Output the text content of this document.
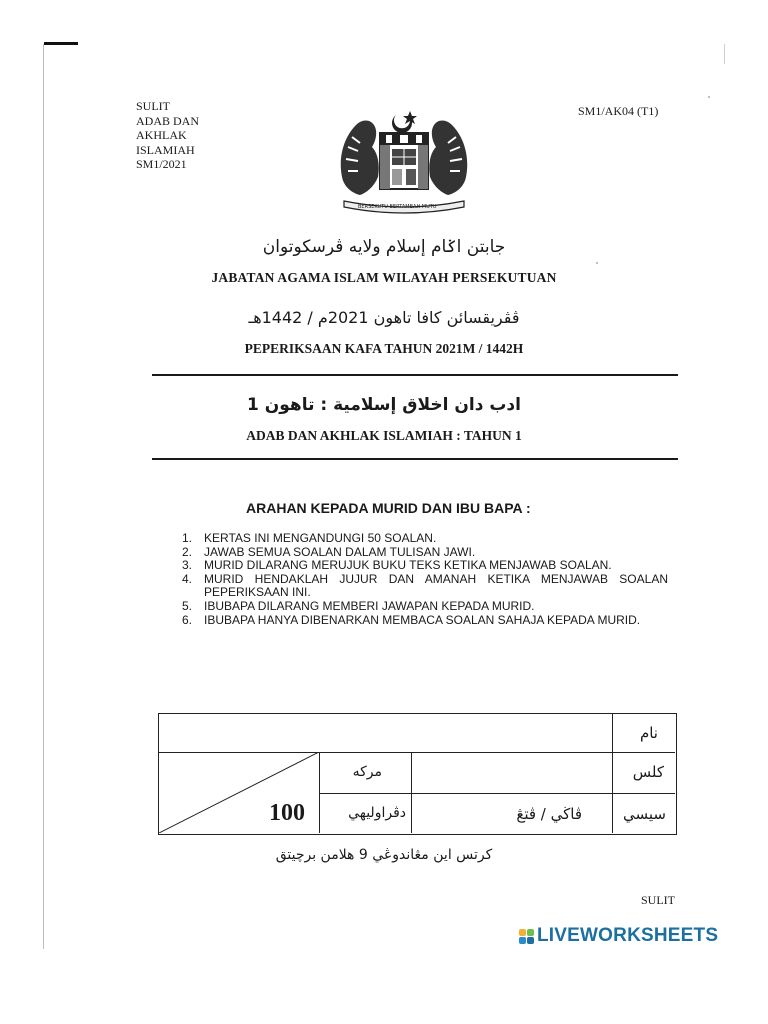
SULIT
ADAB DAN
AKHLAK
ISLAMIAH
SM1/2021
SM1/AK04 (T1)
BERSEKUTU BERTAMBAH MUTU
جابتن اݢام إسلام ولايه ڤرسکوتوان
JABATAN AGAMA ISLAM WILAYAH PERSEKUTUAN
ڤڤريقسائن كافا تاهون 2021م / 1442هـ
PEPERIKSAAN KAFA TAHUN 2021M / 1442H
ادب دان اخلاق إسلامية : تاهون 1
ADAB DAN AKHLAK ISLAMIAH : TAHUN 1
ARAHAN KEPADA MURID DAN IBU BAPA :
1. KERTAS INI MENGANDUNGI 50 SOALAN.
2. JAWAB SEMUA SOALAN DALAM TULISAN JAWI.
3. MURID DILARANG MERUJUK BUKU TEKS KETIKA MENJAWAB SOALAN.
4. MURID HENDAKLAH JUJUR DAN AMANAH KETIKA MENJAWAB SOALAN PEPERIKSAAN INI.
5. IBUBAPA DILARANG MEMBERI JAWAPAN KEPADA MURID.
6. IBUBAPA HANYA DIBENARKAN MEMBACA SOALAN SAHAJA KEPADA MURID.
نام
كلس
سيسي
ڤاڬي / ڤتڠ
مركه
دڤراوليهي
100
كرتس اين مڠاندوڠي 9 هلامن برچيتق
SULIT
LIVEWORKSHEETS
